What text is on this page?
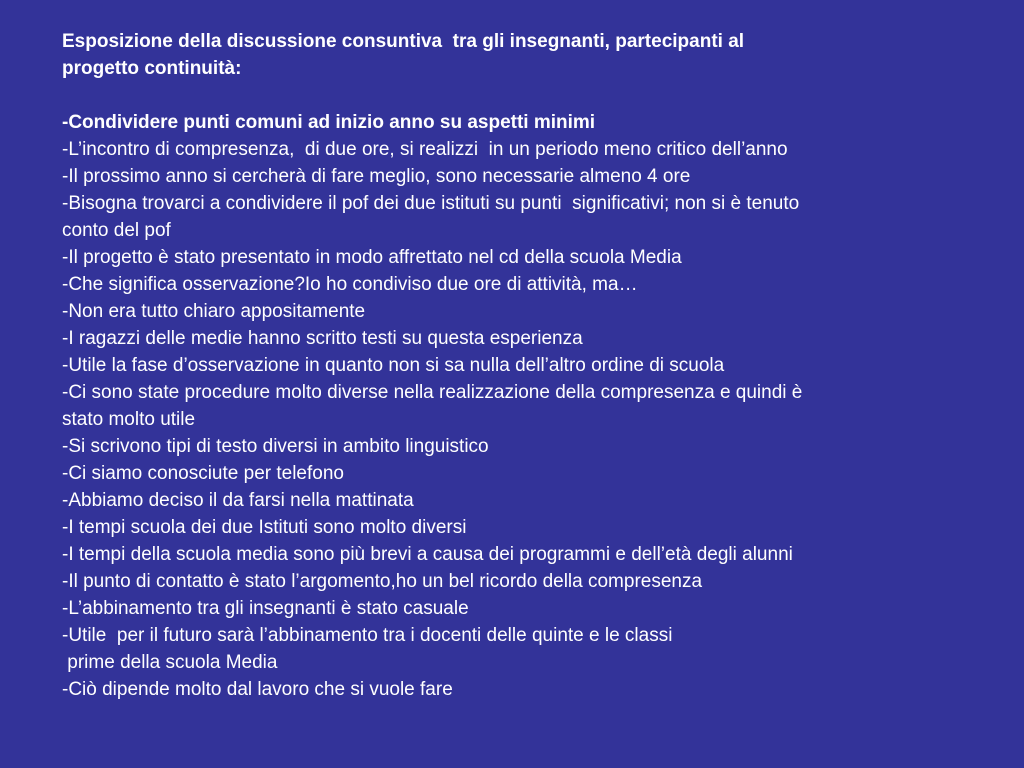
Esposizione della discussione consuntiva  tra gli insegnanti, partecipanti al

progetto continuità:

-Condividere punti comuni ad inizio anno su aspetti minimi

-L’incontro di compresenza,  di due ore, si realizzi  in un periodo meno critico dell’anno
-Il prossimo anno si cercherà di fare meglio, sono necessarie almeno 4 ore
-Bisogna trovarci a condividere il pof dei due istituti su punti  significativi; non si è tenuto
conto del pof
-Il progetto è stato presentato in modo affrettato nel cd della scuola Media
-Che significa osservazione?Io ho condiviso due ore di attività, ma…
-Non era tutto chiaro appositamente
-I ragazzi delle medie hanno scritto testi su questa esperienza
-Utile la fase d’osservazione in quanto non si sa nulla dell’altro ordine di scuola
-Ci sono state procedure molto diverse nella realizzazione della compresenza e quindi è
stato molto utile
-Si scrivono tipi di testo diversi in ambito linguistico
-Ci siamo conosciute per telefono
-Abbiamo deciso il da farsi nella mattinata
-I tempi scuola dei due Istituti sono molto diversi
-I tempi della scuola media sono più brevi a causa dei programmi e dell’età degli alunni
-Il punto di contatto è stato l’argomento,ho un bel ricordo della compresenza
-L’abbinamento tra gli insegnanti è stato casuale
-Utile  per il futuro sarà l’abbinamento tra i docenti delle quinte e le classi
prime della scuola Media
-Ciò dipende molto dal lavoro che si vuole fare
